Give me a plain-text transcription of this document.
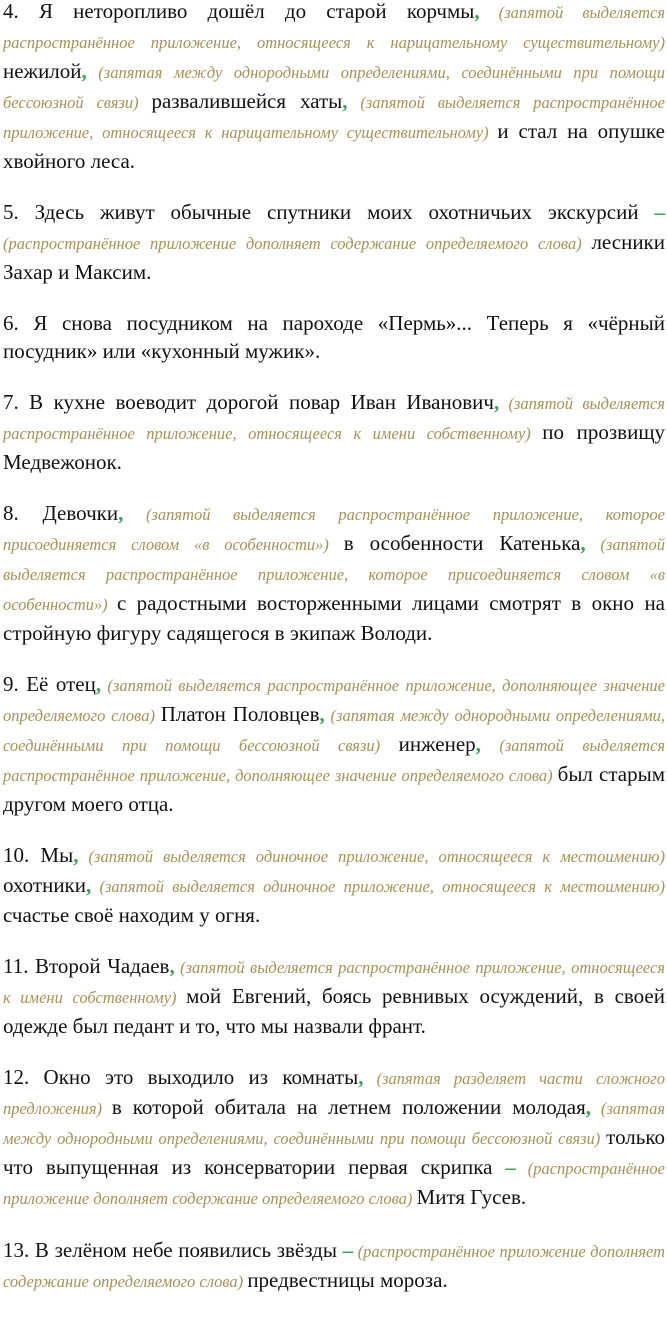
4. Я неторопливо дошёл до старой корчмы, (запятой выделяется распространённое приложение, относящееся к нарицательному существительному) нежилой, (запятая между однородными определениями, соединёнными при помощи бессоюзной связи) развалившейся хаты, (запятой выделяется распространённое приложение, относящееся к нарицательному существительному) и стал на опушке хвойного леса.

5. Здесь живут обычные спутники моих охотничьих экскурсий – (распространённое приложение дополняет содержание определяемого слова) лесники Захар и Максим.

6. Я снова посудником на пароходе «Пермь»... Теперь я «чёрный посудник» или «кухонный мужик».

7. В кухне воеводит дорогой повар Иван Иванович, (запятой выделяется распространённое приложение, относящееся к имени собственному) по прозвищу Медвежонок.

8. Девочки, (запятой выделяется распространённое приложение, которое присоединяется словом «в особенности») в особенности Катенька, (запятой выделяется распространённое приложение, которое присоединяется словом «в особенности») с радостными восторженными лицами смотрят в окно на стройную фигуру садящегося в экипаж Володи.

9. Её отец, (запятой выделяется распространённое приложение, дополняющее значение определяемого слова) Платон Половцев, (запятая между однородными определениями, соединёнными при помощи бессоюзной связи) инженер, (запятой выделяется распространённое приложение, дополняющее значение определяемого слова) был старым другом моего отца.

10. Мы, (запятой выделяется одиночное приложение, относящееся к местоимению) охотники, (запятой выделяется одиночное приложение, относящееся к местоимению) счастье своё находим у огня.

11. Второй Чадаев, (запятой выделяется распространённое приложение, относящееся к имени собственному) мой Евгений, боясь ревнивых осуждений, в своей одежде был педант и то, что мы назвали франт.

12. Окно это выходило из комнаты, (запятая разделяет части сложного предложения) в которой обитала на летнем положении молодая, (запятая между однородными определениями, соединёнными при помощи бессоюзной связи) только что выпущенная из консерватории первая скрипка – (распространённое приложение дополняет содержание определяемого слова) Митя Гусев.

13. В зелёном небе появились звёзды – (распространённое приложение дополняет содержание определяемого слова) предвестницы мороза.
